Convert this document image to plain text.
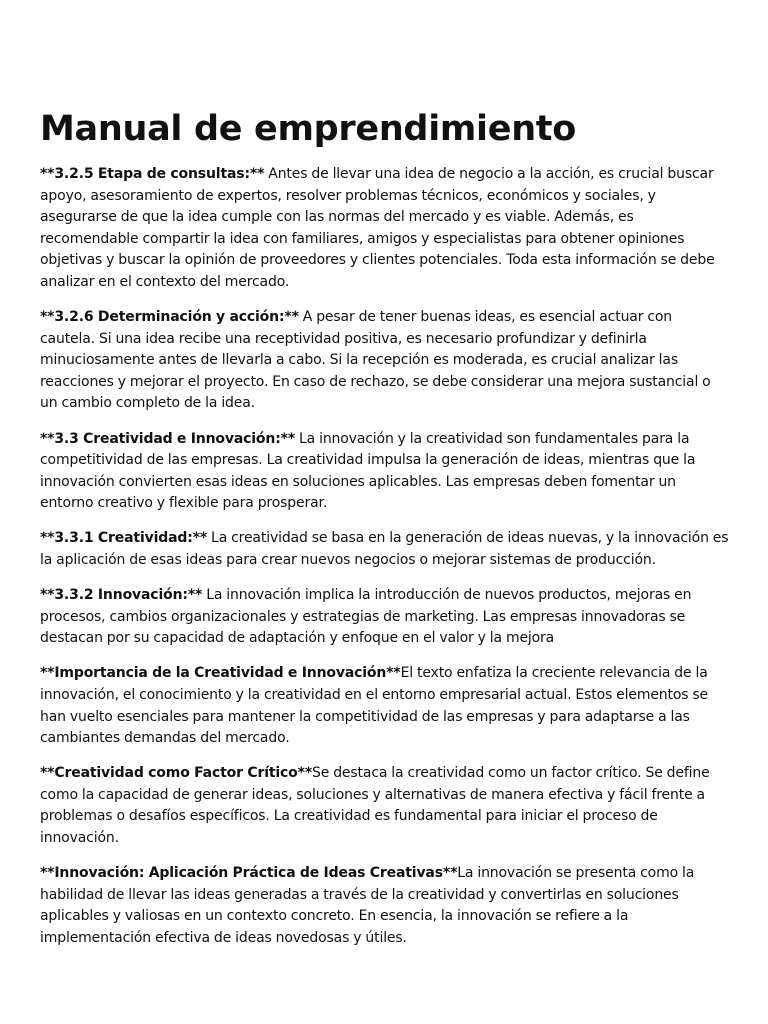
Manual de emprendimiento

**3.2.5 Etapa de consultas:** Antes de llevar una idea de negocio a la acción, es crucial buscar apoyo, asesoramiento de expertos, resolver problemas técnicos, económicos y sociales, y asegurarse de que la idea cumple con las normas del mercado y es viable. Además, es recomendable compartir la idea con familiares, amigos y especialistas para obtener opiniones objetivas y buscar la opinión de proveedores y clientes potenciales. Toda esta información se debe analizar en el contexto del mercado.

**3.2.6 Determinación y acción:** A pesar de tener buenas ideas, es esencial actuar con cautela. Si una idea recibe una receptividad positiva, es necesario profundizar y definirla minuciosamente antes de llevarla a cabo. Si la recepción es moderada, es crucial analizar las reacciones y mejorar el proyecto. En caso de rechazo, se debe considerar una mejora sustancial o un cambio completo de la idea.

**3.3 Creatividad e Innovación:** La innovación y la creatividad son fundamentales para la competitividad de las empresas. La creatividad impulsa la generación de ideas, mientras que la innovación convierten esas ideas en soluciones aplicables. Las empresas deben fomentar un entorno creativo y flexible para prosperar.

**3.3.1 Creatividad:** La creatividad se basa en la generación de ideas nuevas, y la innovación es la aplicación de esas ideas para crear nuevos negocios o mejorar sistemas de producción.

**3.3.2 Innovación:** La innovación implica la introducción de nuevos productos, mejoras en procesos, cambios organizacionales y estrategias de marketing. Las empresas innovadoras se destacan por su capacidad de adaptación y enfoque en el valor y la mejora

**Importancia de la Creatividad e Innovación**El texto enfatiza la creciente relevancia de la innovación, el conocimiento y la creatividad en el entorno empresarial actual. Estos elementos se han vuelto esenciales para mantener la competitividad de las empresas y para adaptarse a las cambiantes demandas del mercado.

**Creatividad como Factor Crítico**Se destaca la creatividad como un factor crítico. Se define como la capacidad de generar ideas, soluciones y alternativas de manera efectiva y fácil frente a problemas o desafíos específicos. La creatividad es fundamental para iniciar el proceso de innovación.

**Innovación: Aplicación Práctica de Ideas Creativas**La innovación se presenta como la habilidad de llevar las ideas generadas a través de la creatividad y convertirlas en soluciones aplicables y valiosas en un contexto concreto. En esencia, la innovación se refiere a la implementación efectiva de ideas novedosas y útiles.
